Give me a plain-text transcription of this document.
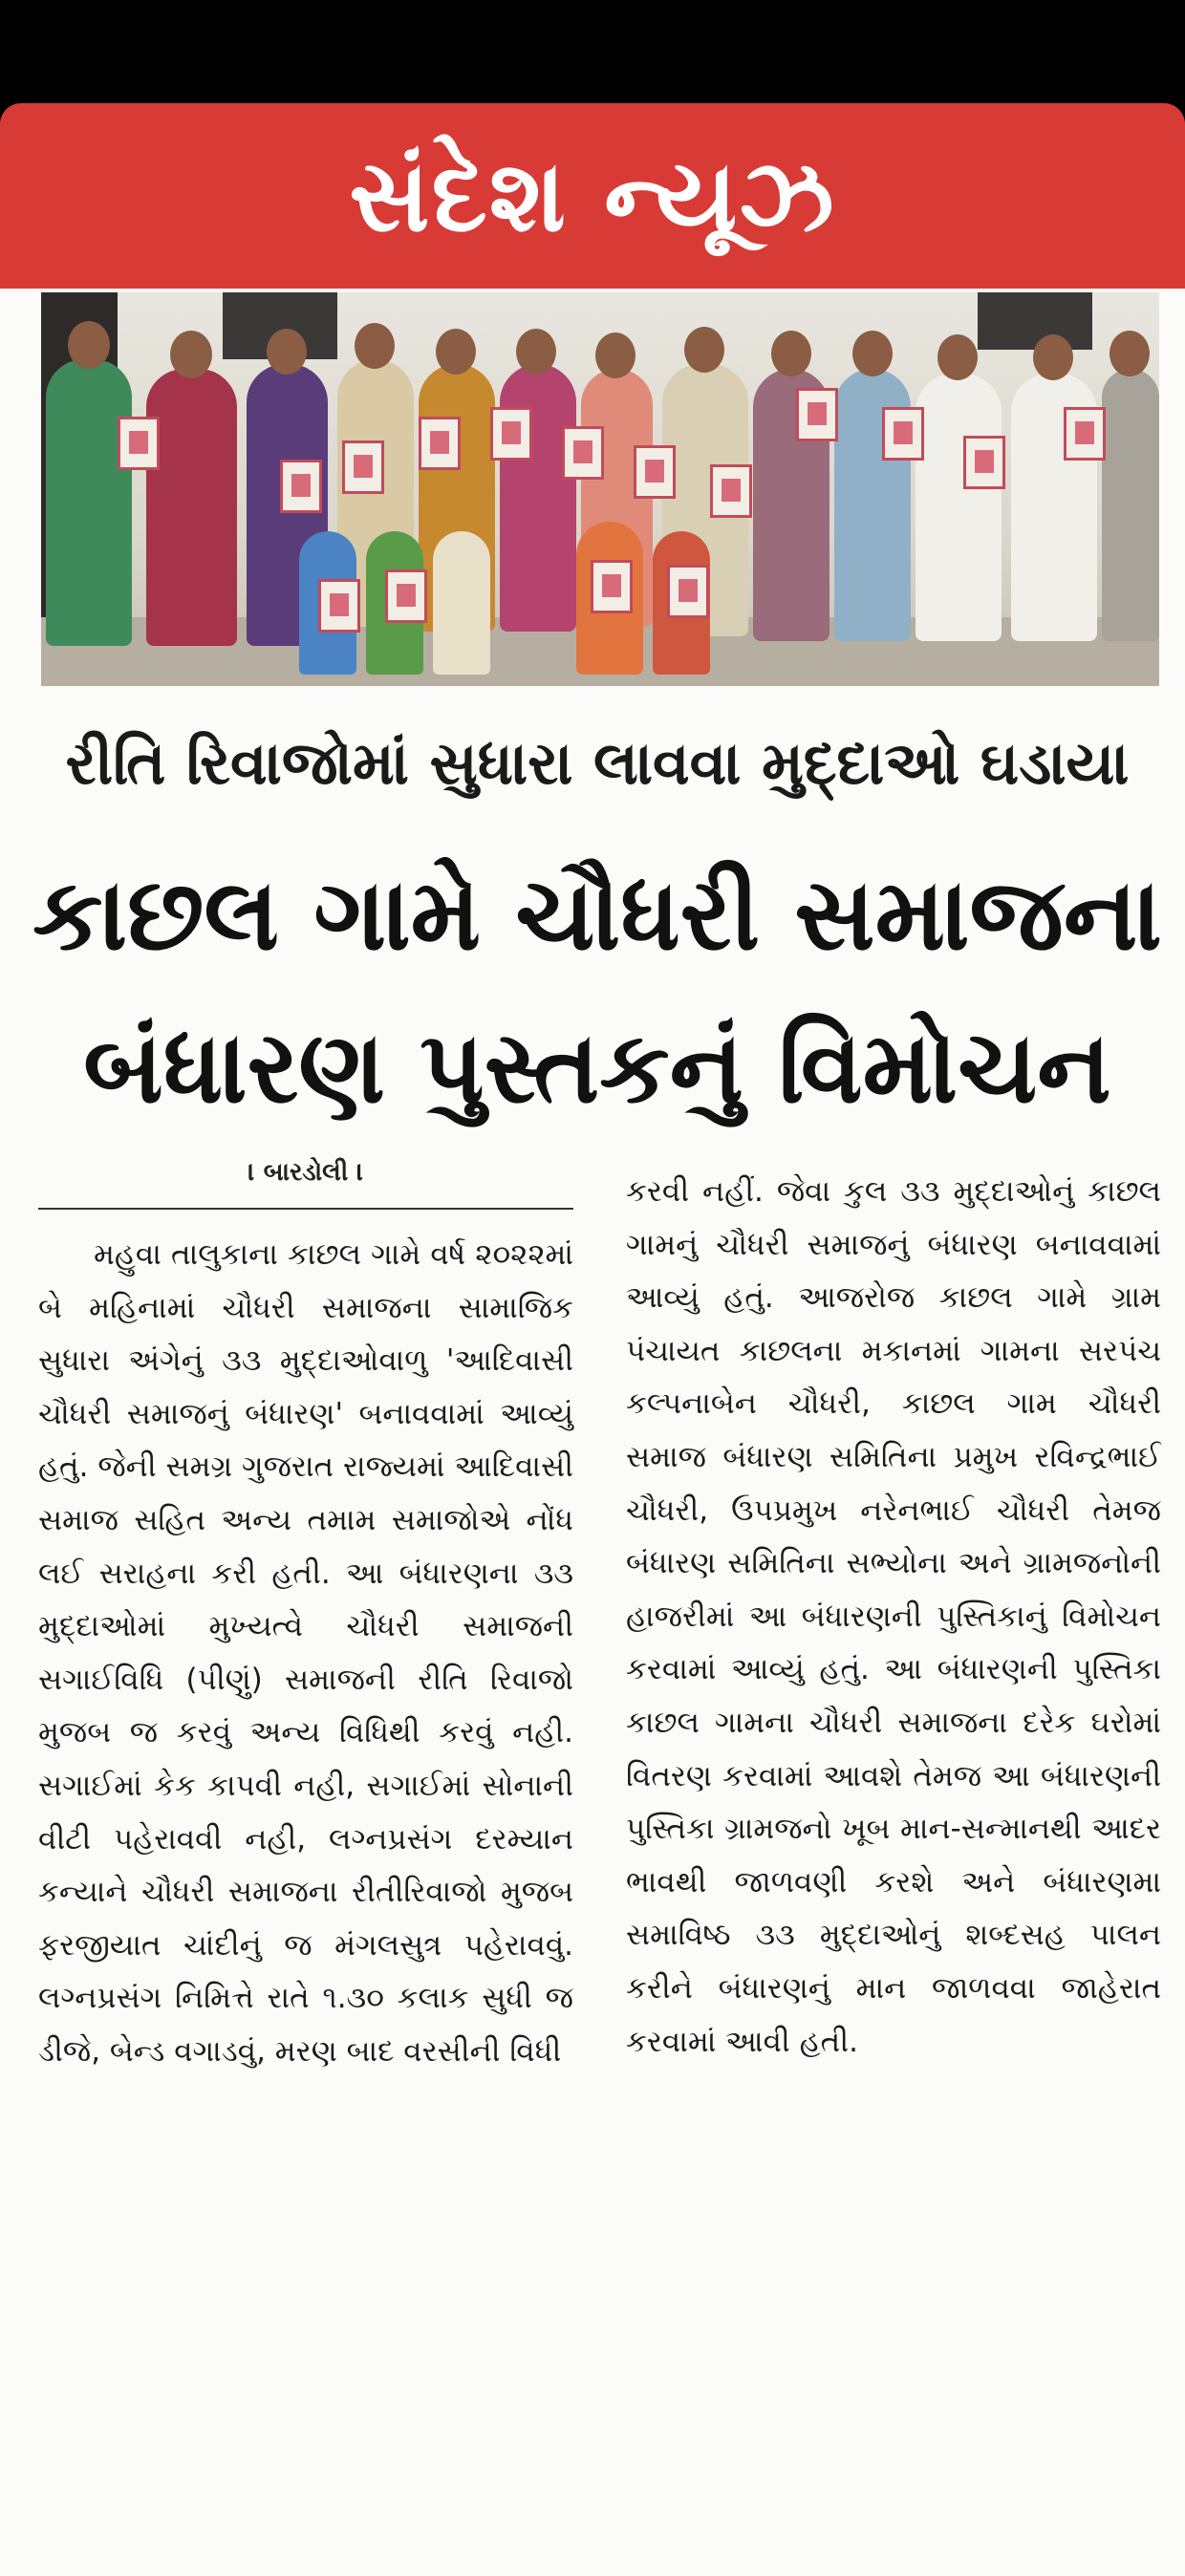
સંદેશ ન્યૂઝ
રીતિ રિવાજોમાં સુધારા લાવવા મુદ્દાઓ ઘડાયા
કાછલ ગામે ચૌધરી સમાજના
બંધારણ પુસ્તકનું વિમોચન
। બારડોલી ।
મહુવા તાલુકાના કાછલ ગામે વર્ષ ૨૦૨૨માં બે મહિનામાં ચૌધરી સમાજના સામાજિક સુધારા અંગેનું ૩૩ મુદ્દાઓવાળુ 'આદિવાસી ચૌધરી સમાજનું બંધારણ' બનાવવામાં આવ્યું હતું. જેની સમગ્ર ગુજરાત રાજ્યમાં આદિવાસી સમાજ સહિત અન્ય તમામ સમાજોએ નોંધ લઈ સરાહના કરી હતી. આ બંધારણના ૩૩ મુદ્દાઓમાં મુખ્યત્વે ચૌધરી સમાજની સગાઈવિધિ (પીણું) સમાજની રીતિ રિવાજો મુજબ જ કરવું અન્ય વિધિથી કરવું નહી. સગાઈમાં કેક કાપવી નહી, સગાઈમાં સોનાની વીટી પહેરાવવી નહી, લગ્નપ્રસંગ દરમ્યાન કન્યાને ચૌધરી સમાજના રીતીરિવાજો મુજબ ફરજીયાત ચાંદીનું જ મંગલસુત્ર પહેરાવવું. લગ્નપ્રસંગ નિમિત્તે રાતે ૧.૩૦ કલાક સુધી જ ડીજે, બેન્ડ વગાડવું, મરણ બાદ વરસીની વિધી
કરવી નહીં. જેવા કુલ ૩૩ મુદ્દાઓનું કાછલ ગામનું ચૌધરી સમાજનું બંધારણ બનાવવામાં આવ્યું હતું. આજરોજ કાછલ ગામે ગ્રામ પંચાયત કાછલના મકાનમાં ગામના સરપંચ કલ્પનાબેન ચૌધરી, કાછલ ગામ ચૌધરી સમાજ બંધારણ સમિતિના પ્રમુખ રવિન્દ્રભાઈ ચૌધરી, ઉપપ્રમુખ નરેનભાઈ ચૌધરી તેમજ બંધારણ સમિતિના સભ્યોના અને ગ્રામજનોની હાજરીમાં આ બંધારણની પુસ્તિકાનું વિમોચન કરવામાં આવ્યું હતું. આ બંધારણની પુસ્તિકા કાછલ ગામના ચૌધરી સમાજના દરેક ઘરોમાં વિતરણ કરવામાં આવશે તેમજ આ બંધારણની પુસ્તિકા ગ્રામજનો ખૂબ માન-સન્માનથી આદર ભાવથી જાળવણી કરશે અને બંધારણમા સમાવિષ્ઠ ૩૩ મુદ્દાઓનું શબ્દસહ પાલન કરીને બંધારણનું માન જાળવવા જાહેરાત કરવામાં આવી હતી.
